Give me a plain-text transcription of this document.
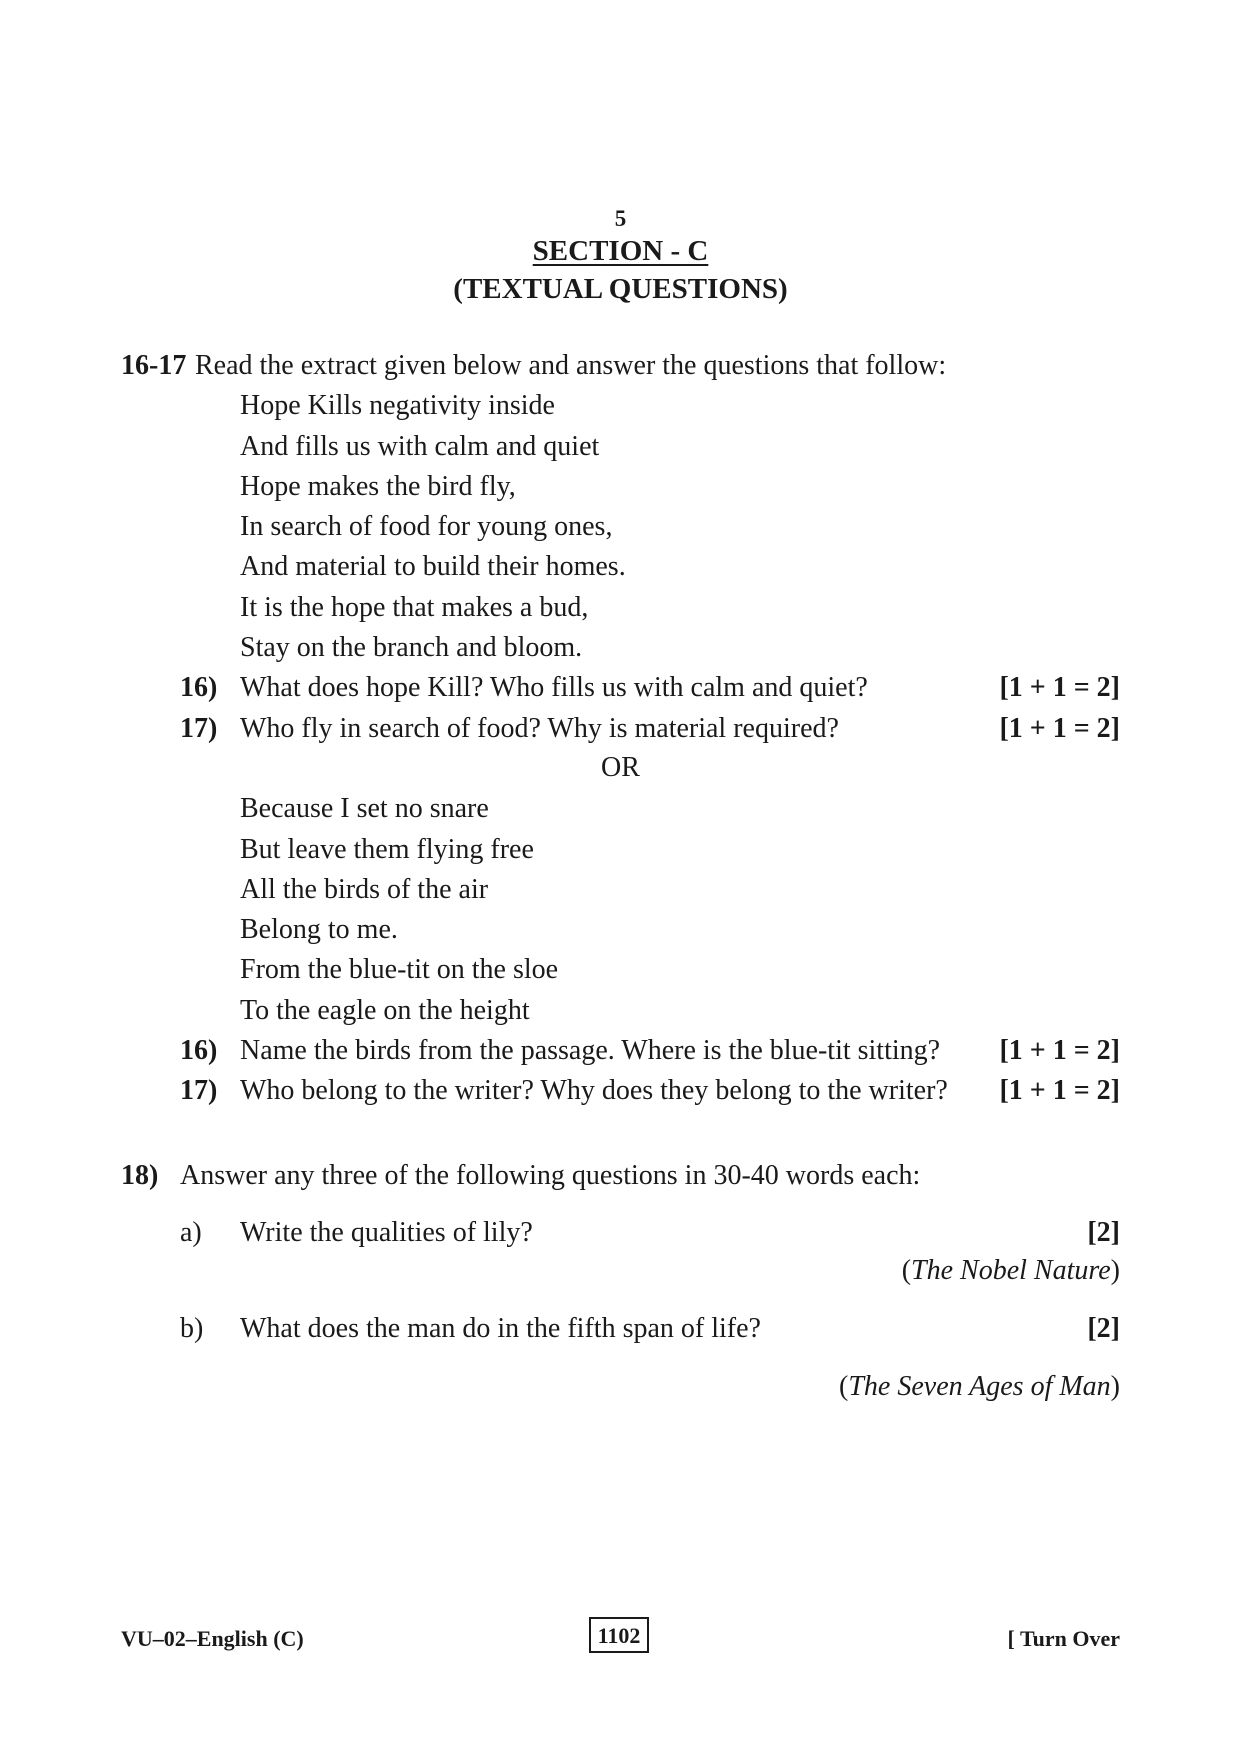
5
SECTION - C
(TEXTUAL QUESTIONS)
16-17 Read the extract given below and answer the questions that follow:
Hope Kills negativity inside
And fills us with calm and quiet
Hope makes the bird fly,
In search of food for young ones,
And material to build their homes.
It is the hope that makes a bud,
Stay on the branch and bloom.
16) What does hope Kill? Who fills us with calm and quiet?	[1 + 1 = 2]
17) Who fly in search of food? Why is material required?	[1 + 1 = 2]
OR
Because I set no snare
But leave them flying free
All the birds of the air
Belong to me.
From the blue-tit on the sloe
To the eagle on the height
16) Name the birds from the passage. Where is the blue-tit sitting? [1 + 1 = 2]
17) Who belong to the writer? Why does they belong to the writer? [1 + 1 = 2]
18) Answer any three of the following questions in 30-40 words each:
a) Write the qualities of lily?	[2]
(The Nobel Nature)
b) What does the man do in the fifth span of life?	[2]
(The Seven Ages of Man)
VU–02–English (C)	1102	[ Turn Over
